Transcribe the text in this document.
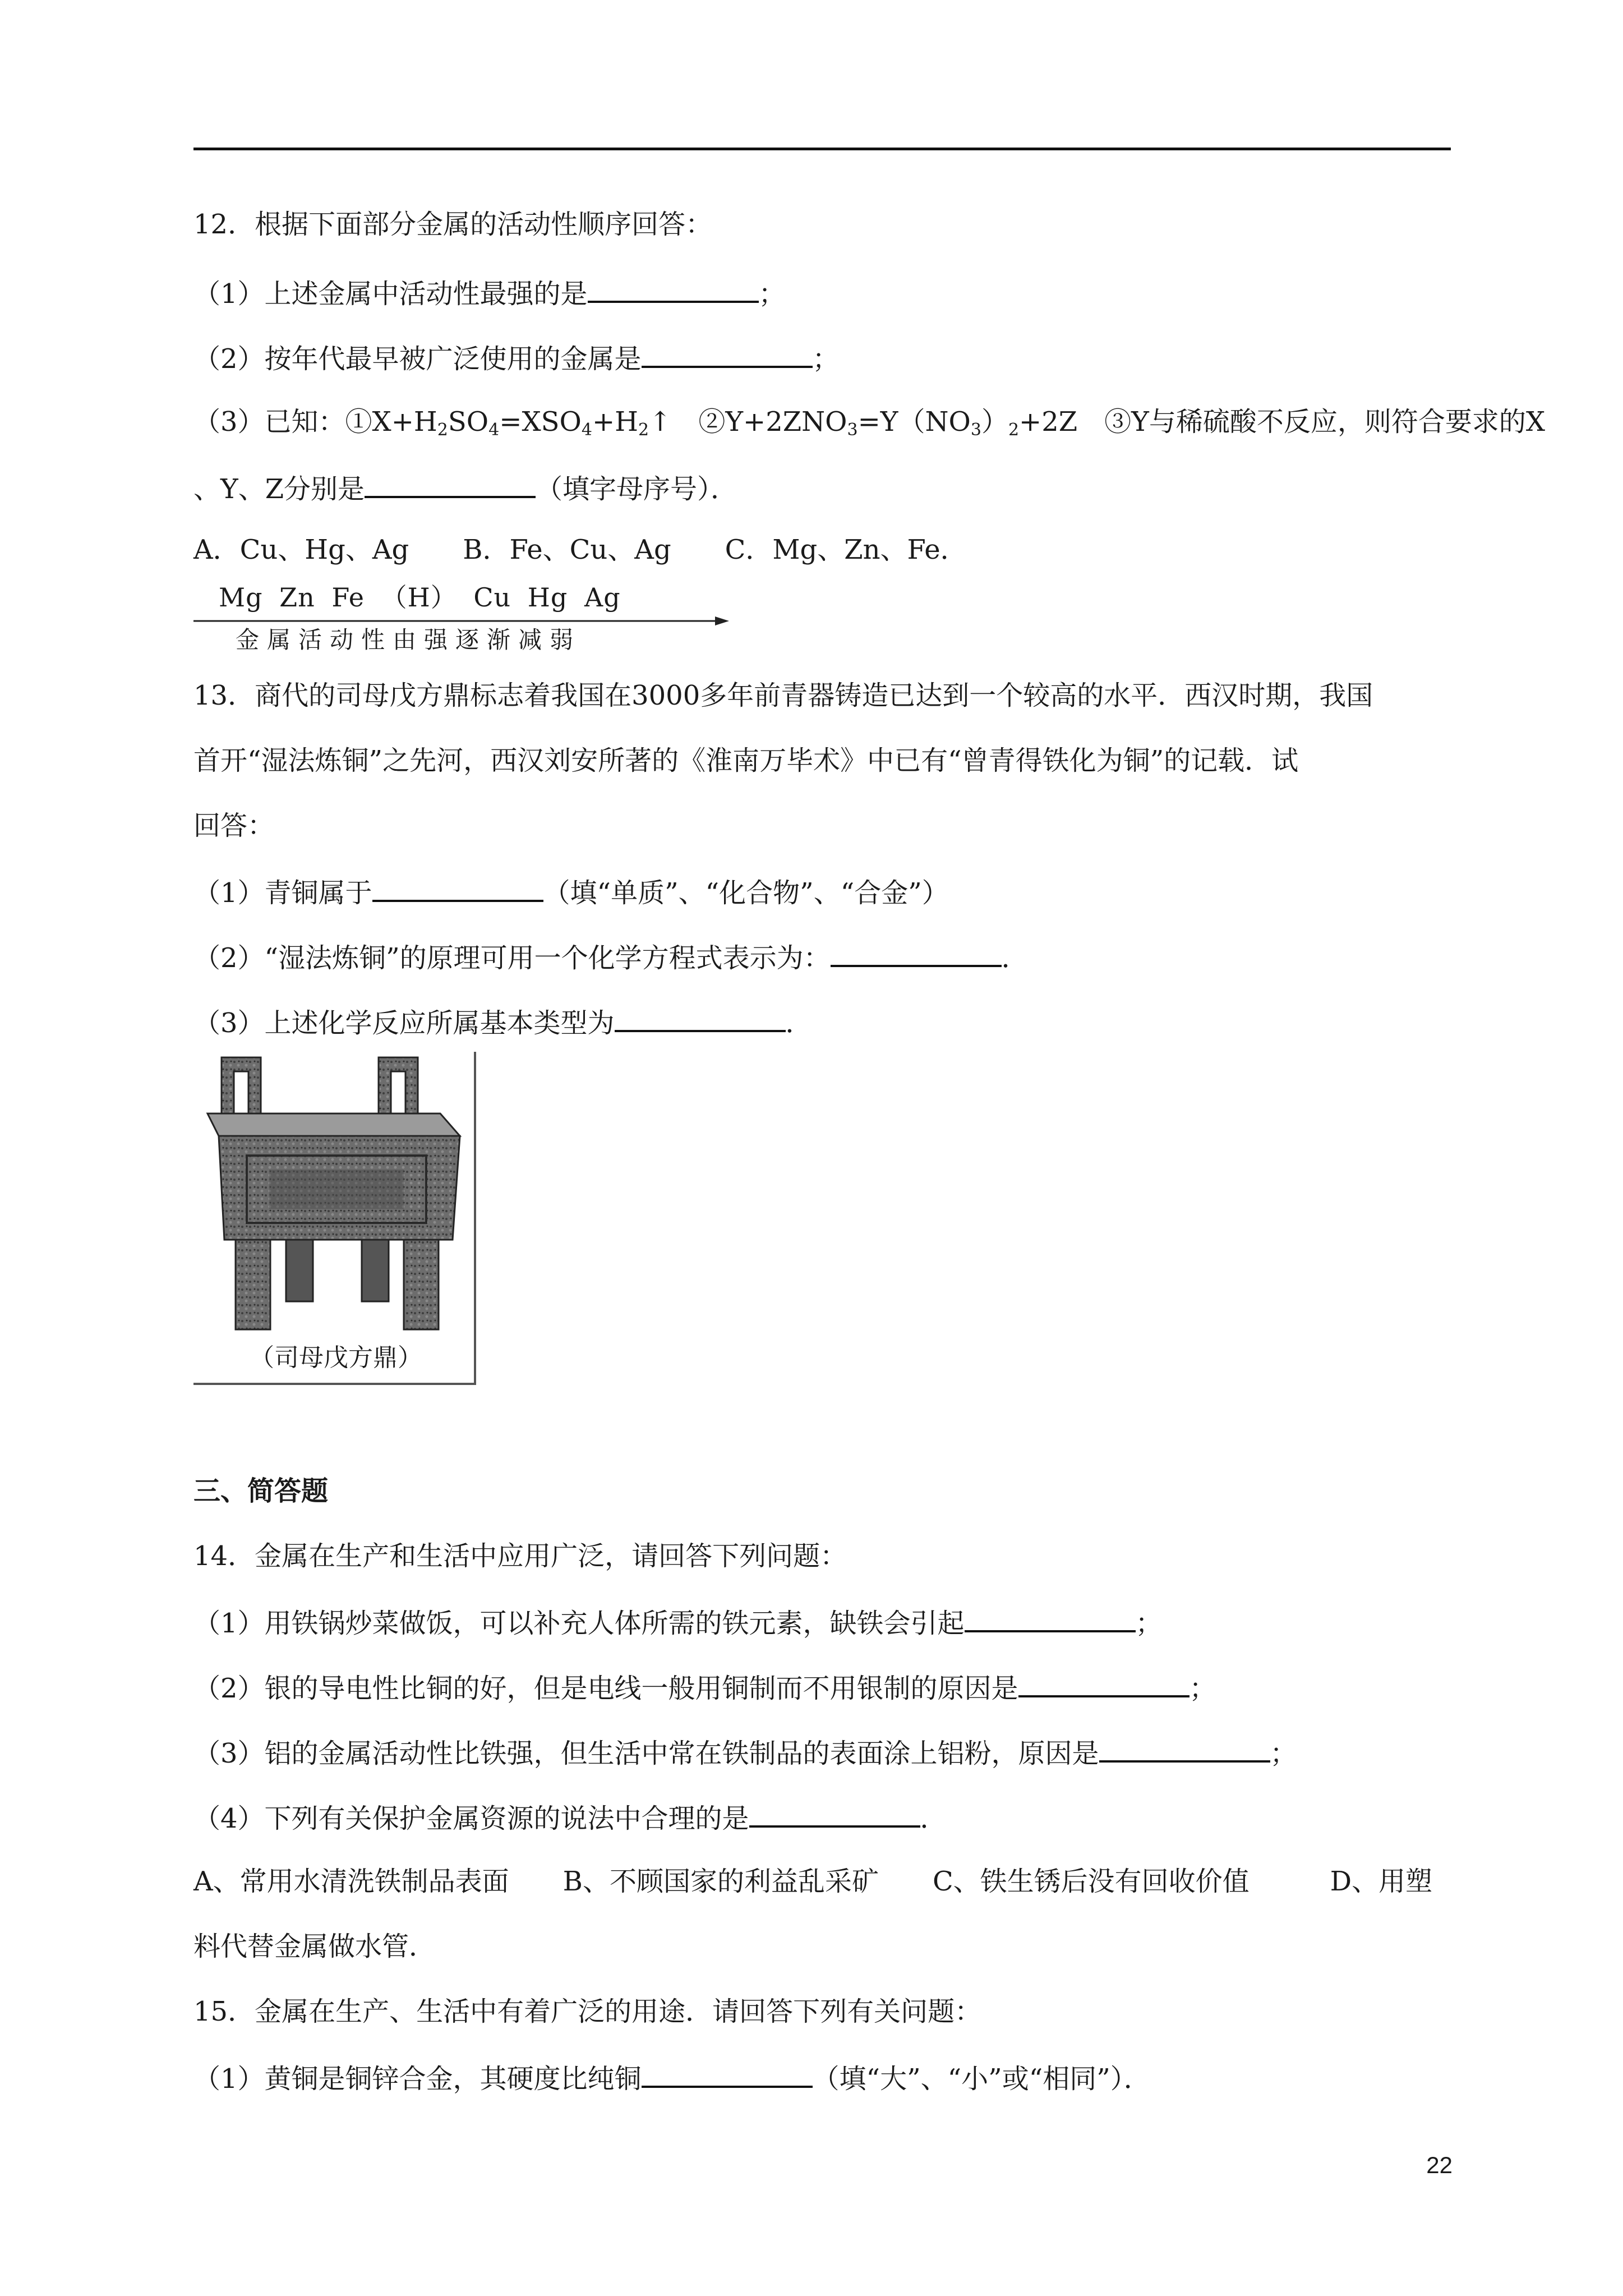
12．根据下面部分金属的活动性顺序回答：
（1）上述金属中活动性最强的是	；
（2）按年代最早被广泛使用的金属是	；
（3）已知：$①X+H_2SO_4=XSO_4+H_2↑$　$②Y+2ZNO_3=Y(NO_3)_2+2Z$　③Y与稀硫酸不反应，则符合要求的X
、Y、Z分别是	（填字母序号）．
A．Cu、Hg、Ag　　B．Fe、Cu、Ag　　C．Mg、Zn、Fe．
Mg Zn Fe （H） Cu Hg Ag
金属活动性由强逐渐减弱
13．商代的司母戊方鼎标志着我国在3000多年前青器铸造已达到一个较高的水平．西汉时期，我国
首开“湿法炼铜”之先河，西汉刘安所著的《淮南万毕术》中已有“曾青得铁化为铜”的记载．试
回答：
（1）青铜属于	（填“单质”、“化合物”、“合金”）
（2）“湿法炼铜”的原理可用一个化学方程式表示为：	．
（3）上述化学反应所属基本类型为	．
（司母戊方鼎）
三、简答题
14．金属在生产和生活中应用广泛，请回答下列问题：
（1）用铁锅炒菜做饭，可以补充人体所需的铁元素，缺铁会引起	；
（2）银的导电性比铜的好，但是电线一般用铜制而不用银制的原因是	；
（3）铝的金属活动性比铁强，但生活中常在铁制品的表面涂上铝粉，原因是	；
（4）下列有关保护金属资源的说法中合理的是	．
A、常用水清洗铁制品表面　　B、不顾国家的利益乱采矿　　C、铁生锈后没有回收价值　　　D、用塑
料代替金属做水管．
15．金属在生产、生活中有着广泛的用途．请回答下列有关问题：
（1）黄铜是铜锌合金，其硬度比纯铜	（填“大”、“小”或“相同”）．
22
